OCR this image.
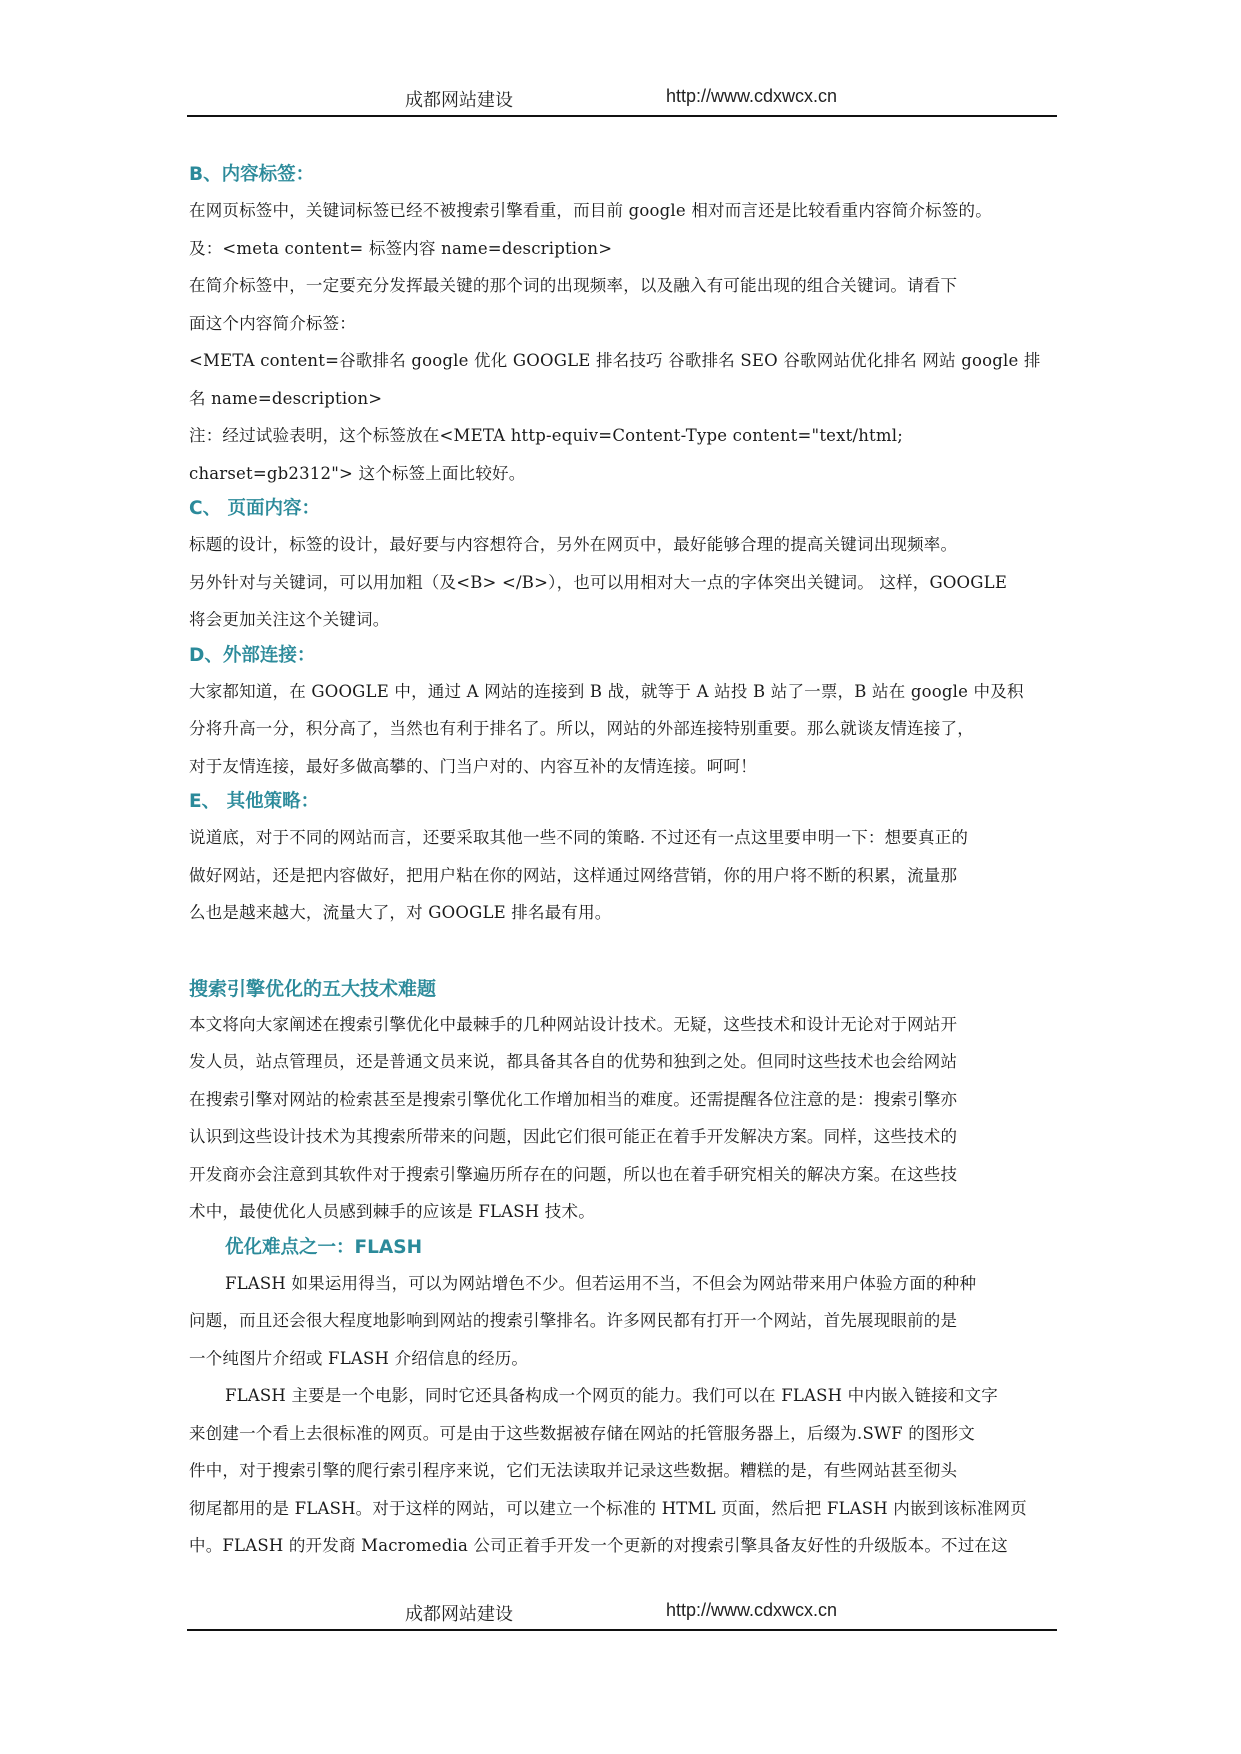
成都网站建设	http://www.cdxwcx.cn
B、内容标签：
在网页标签中，关键词标签已经不被搜索引擎看重，而目前 google 相对而言还是比较看重内容简介标签的。
及：<meta content= 标签内容 name=description>
在简介标签中，一定要充分发挥最关键的那个词的出现频率，以及融入有可能出现的组合关键词。请看下
面这个内容简介标签：
<META content=谷歌排名 google 优化 GOOGLE 排名技巧 谷歌排名 SEO 谷歌网站优化排名 网站 google 排
名 name=description>
注：经过试验表明，这个标签放在<META http-equiv=Content-Type content="text/html;
charset=gb2312"> 这个标签上面比较好。
C、 页面内容：
标题的设计，标签的设计，最好要与内容想符合，另外在网页中，最好能够合理的提高关键词出现频率。
另外针对与关键词，可以用加粗（及<B> </B>），也可以用相对大一点的字体突出关键词。 这样，GOOGLE
将会更加关注这个关键词。
D、外部连接：
大家都知道，在 GOOGLE 中，通过 A 网站的连接到 B 战，就等于 A 站投 B 站了一票，B 站在 google 中及积
分将升高一分，积分高了，当然也有利于排名了。所以，网站的外部连接特别重要。那么就谈友情连接了，
对于友情连接，最好多做高攀的、门当户对的、内容互补的友情连接。呵呵！
E、 其他策略：
说道底，对于不同的网站而言，还要采取其他一些不同的策略. 不过还有一点这里要申明一下：想要真正的
做好网站，还是把内容做好，把用户粘在你的网站，这样通过网络营销，你的用户将不断的积累，流量那
么也是越来越大，流量大了，对 GOOGLE 排名最有用。
搜索引擎优化的五大技术难题
本文将向大家阐述在搜索引擎优化中最棘手的几种网站设计技术。无疑，这些技术和设计无论对于网站开
发人员，站点管理员，还是普通文员来说，都具备其各自的优势和独到之处。但同时这些技术也会给网站
在搜索引擎对网站的检索甚至是搜索引擎优化工作增加相当的难度。还需提醒各位注意的是：搜索引擎亦
认识到这些设计技术为其搜索所带来的问题，因此它们很可能正在着手开发解决方案。同样，这些技术的
开发商亦会注意到其软件对于搜索引擎遍历所存在的问题，所以也在着手研究相关的解决方案。在这些技
术中，最使优化人员感到棘手的应该是 FLASH 技术。
优化难点之一：FLASH
FLASH 如果运用得当，可以为网站增色不少。但若运用不当，不但会为网站带来用户体验方面的种种
问题，而且还会很大程度地影响到网站的搜索引擎排名。许多网民都有打开一个网站，首先展现眼前的是
一个纯图片介绍或 FLASH 介绍信息的经历。
FLASH 主要是一个电影，同时它还具备构成一个网页的能力。我们可以在 FLASH 中内嵌入链接和文字
来创建一个看上去很标准的网页。可是由于这些数据被存储在网站的托管服务器上，后缀为.SWF 的图形文
件中，对于搜索引擎的爬行索引程序来说，它们无法读取并记录这些数据。糟糕的是，有些网站甚至彻头
彻尾都用的是 FLASH。对于这样的网站，可以建立一个标准的 HTML 页面，然后把 FLASH 内嵌到该标准网页
中。FLASH 的开发商 Macromedia 公司正着手开发一个更新的对搜索引擎具备友好性的升级版本。不过在这
成都网站建设	http://www.cdxwcx.cn
